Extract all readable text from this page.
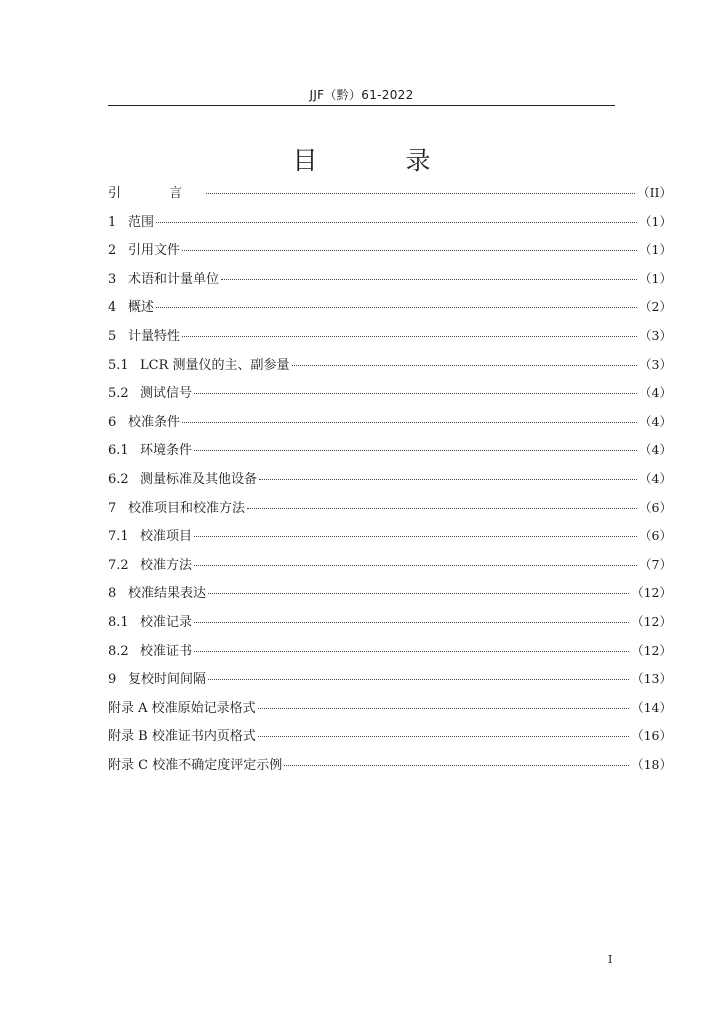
JJF（黔）61-2022
目 录
引 言	（II）
1 范围	（1）
2 引用文件	（1）
3 术语和计量单位	（1）
4 概述	（2）
5 计量特性	（3）
5.1 LCR 测量仪的主、副参量	（3）
5.2 测试信号	（4）
6 校准条件	（4）
6.1 环境条件	（4）
6.2 测量标准及其他设备	（4）
7 校准项目和校准方法	（6）
7.1 校准项目	（6）
7.2 校准方法	（7）
8 校准结果表达	（12）
8.1 校准记录	（12）
8.2 校准证书	（12）
9 复校时间间隔	（13）
附录 A 校准原始记录格式	（14）
附录 B 校准证书内页格式	（16）
附录 C 校准不确定度评定示例	（18）
I
